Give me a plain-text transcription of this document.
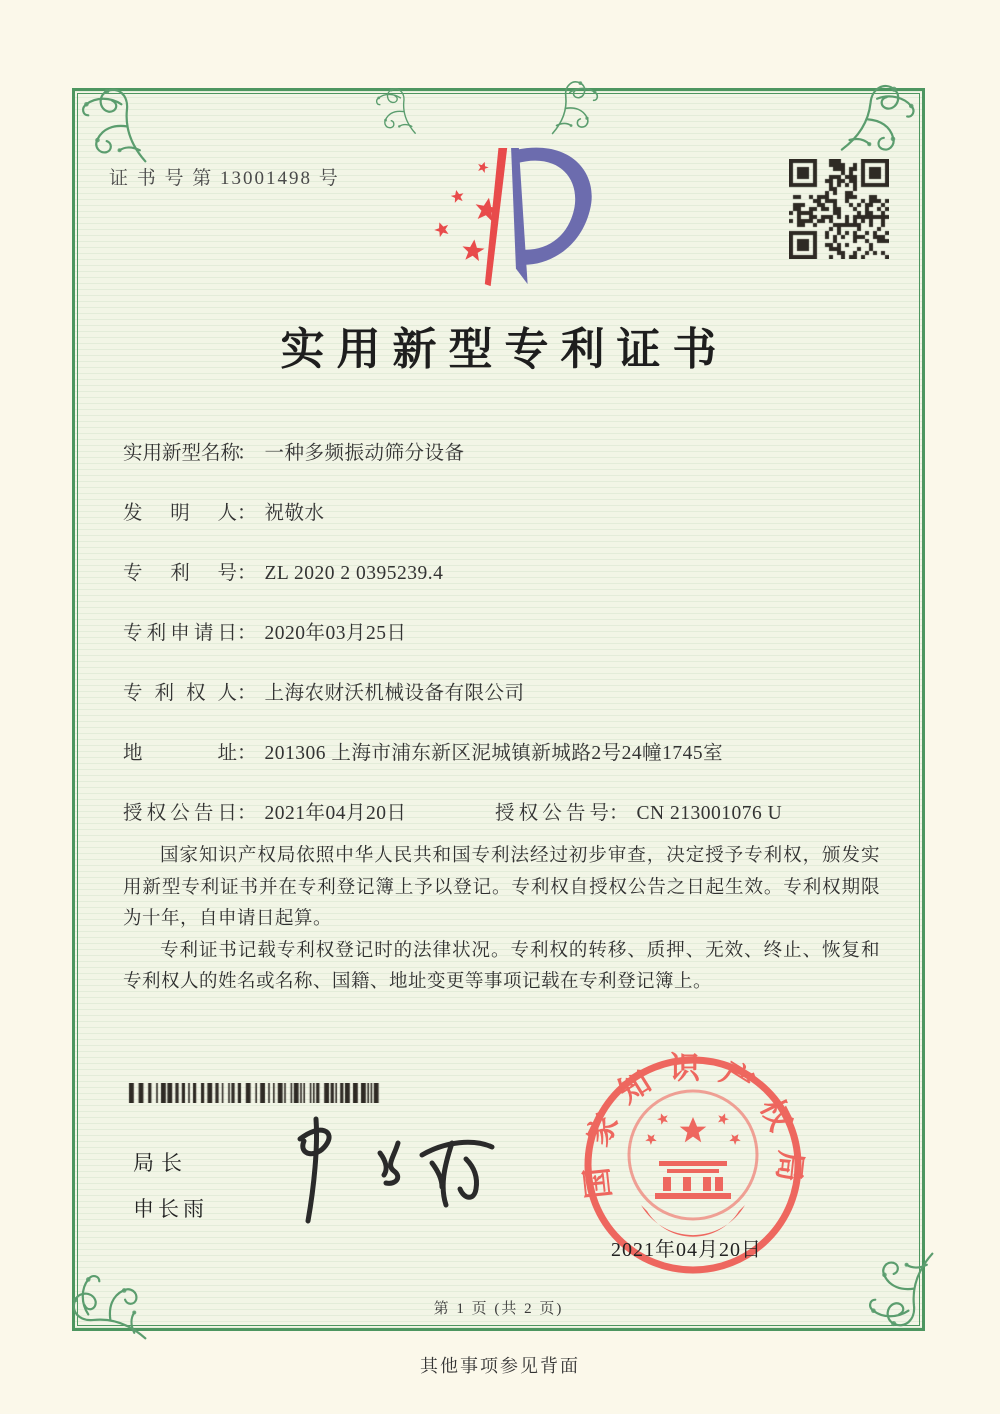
证 书 号 第 13001498 号
实用新型专利证书
实用新型名称： 一种多频振动筛分设备
发明人： 祝敬水
专利号： ZL 2020 2 0395239.4
专利申请日： 2020年03月25日
专利权人： 上海农财沃机械设备有限公司
地址： 201306 上海市浦东新区泥城镇新城路2号24幢1745室
授权公告日： 2021年04月20日	授权公告号： CN 213001076 U

国家知识产权局依照中华人民共和国专利法经过初步审查，决定授予专利权，颁发实用新型专利证书并在专利登记簿上予以登记。专利权自授权公告之日起生效。专利权期限为十年，自申请日起算。

专利证书记载专利权登记时的法律状况。专利权的转移、质押、无效、终止、恢复和专利权人的姓名或名称、国籍、地址变更等事项记载在专利登记簿上。

局长
申长雨
国家知识产权局
2021年04月20日
第 1 页 (共 2 页)
其他事项参见背面
